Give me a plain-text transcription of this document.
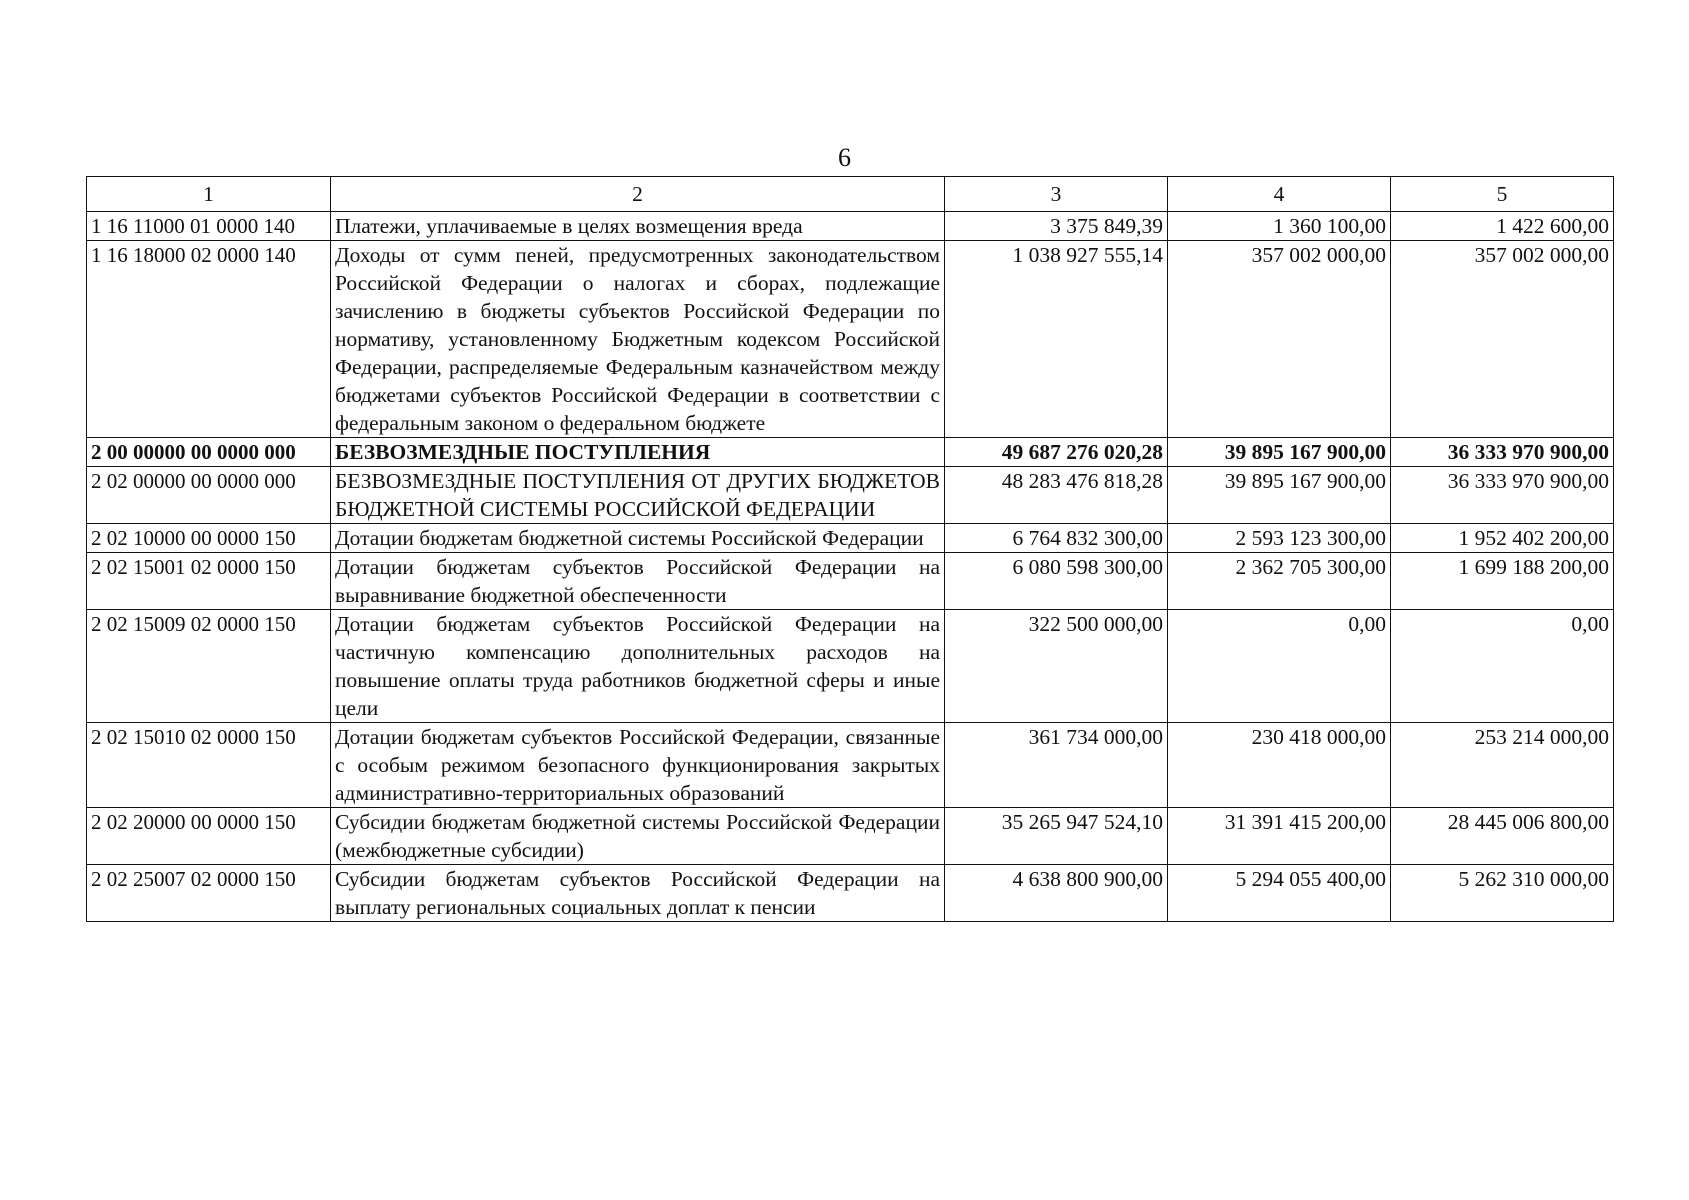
6
1	2	3	4	5
1 16 11000 01 0000 140	Платежи, уплачиваемые в целях возмещения вреда	3 375 849,39	1 360 100,00	1 422 600,00
1 16 18000 02 0000 140	Доходы от сумм пеней, предусмотренных законодательством Российской Федерации о налогах и сборах, подлежащие зачислению в бюджеты субъектов Российской Федерации по нормативу, установленному Бюджетным кодексом Российской Федерации, распределяемые Федеральным казначейством между бюджетами субъектов Российской Федерации в соответствии с федеральным законом о федеральном бюджете	1 038 927 555,14	357 002 000,00	357 002 000,00
2 00 00000 00 0000 000	БЕЗВОЗМЕЗДНЫЕ ПОСТУПЛЕНИЯ	49 687 276 020,28	39 895 167 900,00	36 333 970 900,00
2 02 00000 00 0000 000	БЕЗВОЗМЕЗДНЫЕ ПОСТУПЛЕНИЯ ОТ ДРУГИХ БЮДЖЕТОВ БЮДЖЕТНОЙ СИСТЕМЫ РОССИЙСКОЙ ФЕДЕРАЦИИ	48 283 476 818,28	39 895 167 900,00	36 333 970 900,00
2 02 10000 00 0000 150	Дотации бюджетам бюджетной системы Российской Федерации	6 764 832 300,00	2 593 123 300,00	1 952 402 200,00
2 02 15001 02 0000 150	Дотации бюджетам субъектов Российской Федерации на выравнивание бюджетной обеспеченности	6 080 598 300,00	2 362 705 300,00	1 699 188 200,00
2 02 15009 02 0000 150	Дотации бюджетам субъектов Российской Федерации на частичную компенсацию дополнительных расходов на повышение оплаты труда работников бюджетной сферы и иные цели	322 500 000,00	0,00	0,00
2 02 15010 02 0000 150	Дотации бюджетам субъектов Российской Федерации, связанные с особым режимом безопасного функционирования закрытых административно-территориальных образований	361 734 000,00	230 418 000,00	253 214 000,00
2 02 20000 00 0000 150	Субсидии бюджетам бюджетной системы Российской Федерации (межбюджетные субсидии)	35 265 947 524,10	31 391 415 200,00	28 445 006 800,00
2 02 25007 02 0000 150	Субсидии бюджетам субъектов Российской Федерации на выплату региональных социальных доплат к пенсии	4 638 800 900,00	5 294 055 400,00	5 262 310 000,00
